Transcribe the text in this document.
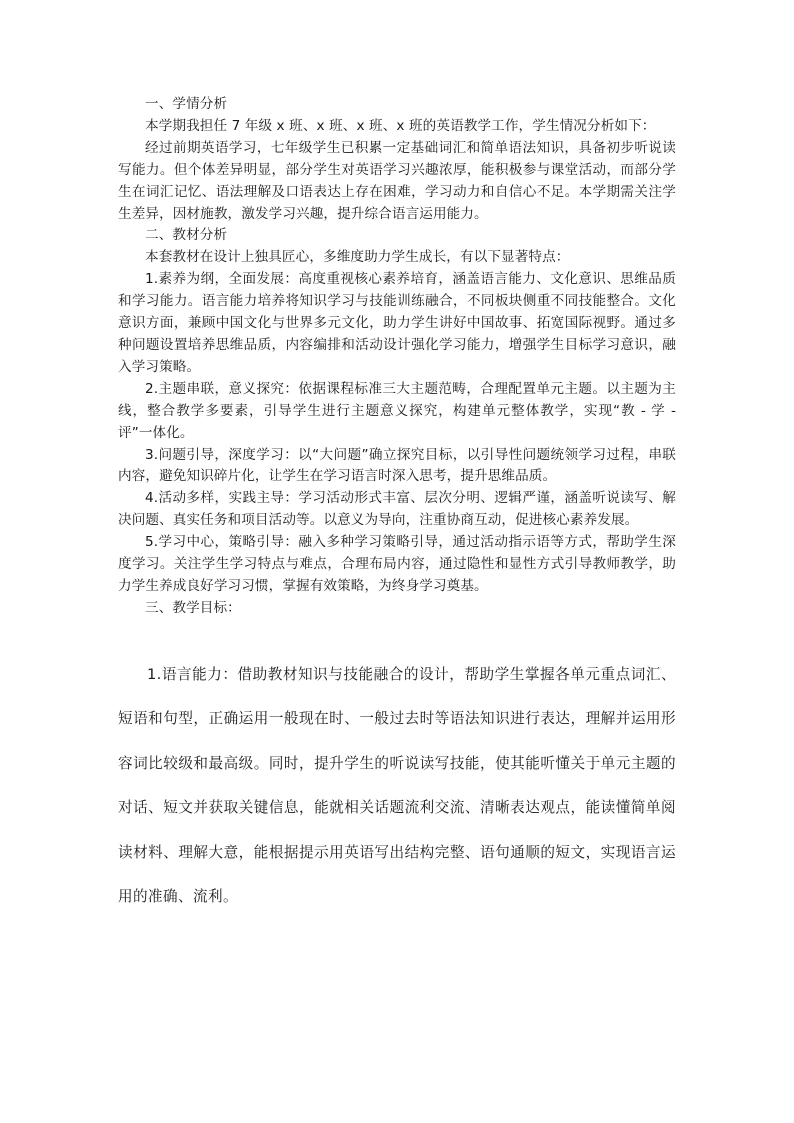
一、学情分析

本学期我担任 7 年级 x 班、x 班、x 班、x 班的英语教学工作，学生情况分析如下：

经过前期英语学习，七年级学生已积累一定基础词汇和简单语法知识，具备初步听说读写能力。但个体差异明显，部分学生对英语学习兴趣浓厚，能积极参与课堂活动，而部分学生在词汇记忆、语法理解及口语表达上存在困难，学习动力和自信心不足。本学期需关注学生差异，因材施教，激发学习兴趣，提升综合语言运用能力。

二、教材分析

本套教材在设计上独具匠心，多维度助力学生成长，有以下显著特点：

1.素养为纲，全面发展：高度重视核心素养培育，涵盖语言能力、文化意识、思维品质和学习能力。语言能力培养将知识学习与技能训练融合，不同板块侧重不同技能整合。文化意识方面，兼顾中国文化与世界多元文化，助力学生讲好中国故事、拓宽国际视野。通过多种问题设置培养思维品质，内容编排和活动设计强化学习能力，增强学生目标学习意识，融入学习策略。

2.主题串联，意义探究：依据课程标准三大主题范畴，合理配置单元主题。以主题为主线，整合教学多要素，引导学生进行主题意义探究，构建单元整体教学，实现“教 - 学 - 评”一体化。

3.问题引导，深度学习：以“大问题”确立探究目标，以引导性问题统领学习过程，串联内容，避免知识碎片化，让学生在学习语言时深入思考，提升思维品质。

4.活动多样，实践主导：学习活动形式丰富、层次分明、逻辑严谨，涵盖听说读写、解决问题、真实任务和项目活动等。以意义为导向，注重协商互动，促进核心素养发展。

5.学习中心，策略引导：融入多种学习策略引导，通过活动指示语等方式，帮助学生深度学习。关注学生学习特点与难点，合理布局内容，通过隐性和显性方式引导教师教学，助力学生养成良好学习习惯，掌握有效策略，为终身学习奠基。

三、教学目标：

1.语言能力：借助教材知识与技能融合的设计，帮助学生掌握各单元重点词汇、短语和句型，正确运用一般现在时、一般过去时等语法知识进行表达，理解并运用形容词比较级和最高级。同时，提升学生的听说读写技能，使其能听懂关于单元主题的对话、短文并获取关键信息，能就相关话题流利交流、清晰表达观点，能读懂简单阅读材料、理解大意，能根据提示用英语写出结构完整、语句通顺的短文，实现语言运用的准确、流利。
